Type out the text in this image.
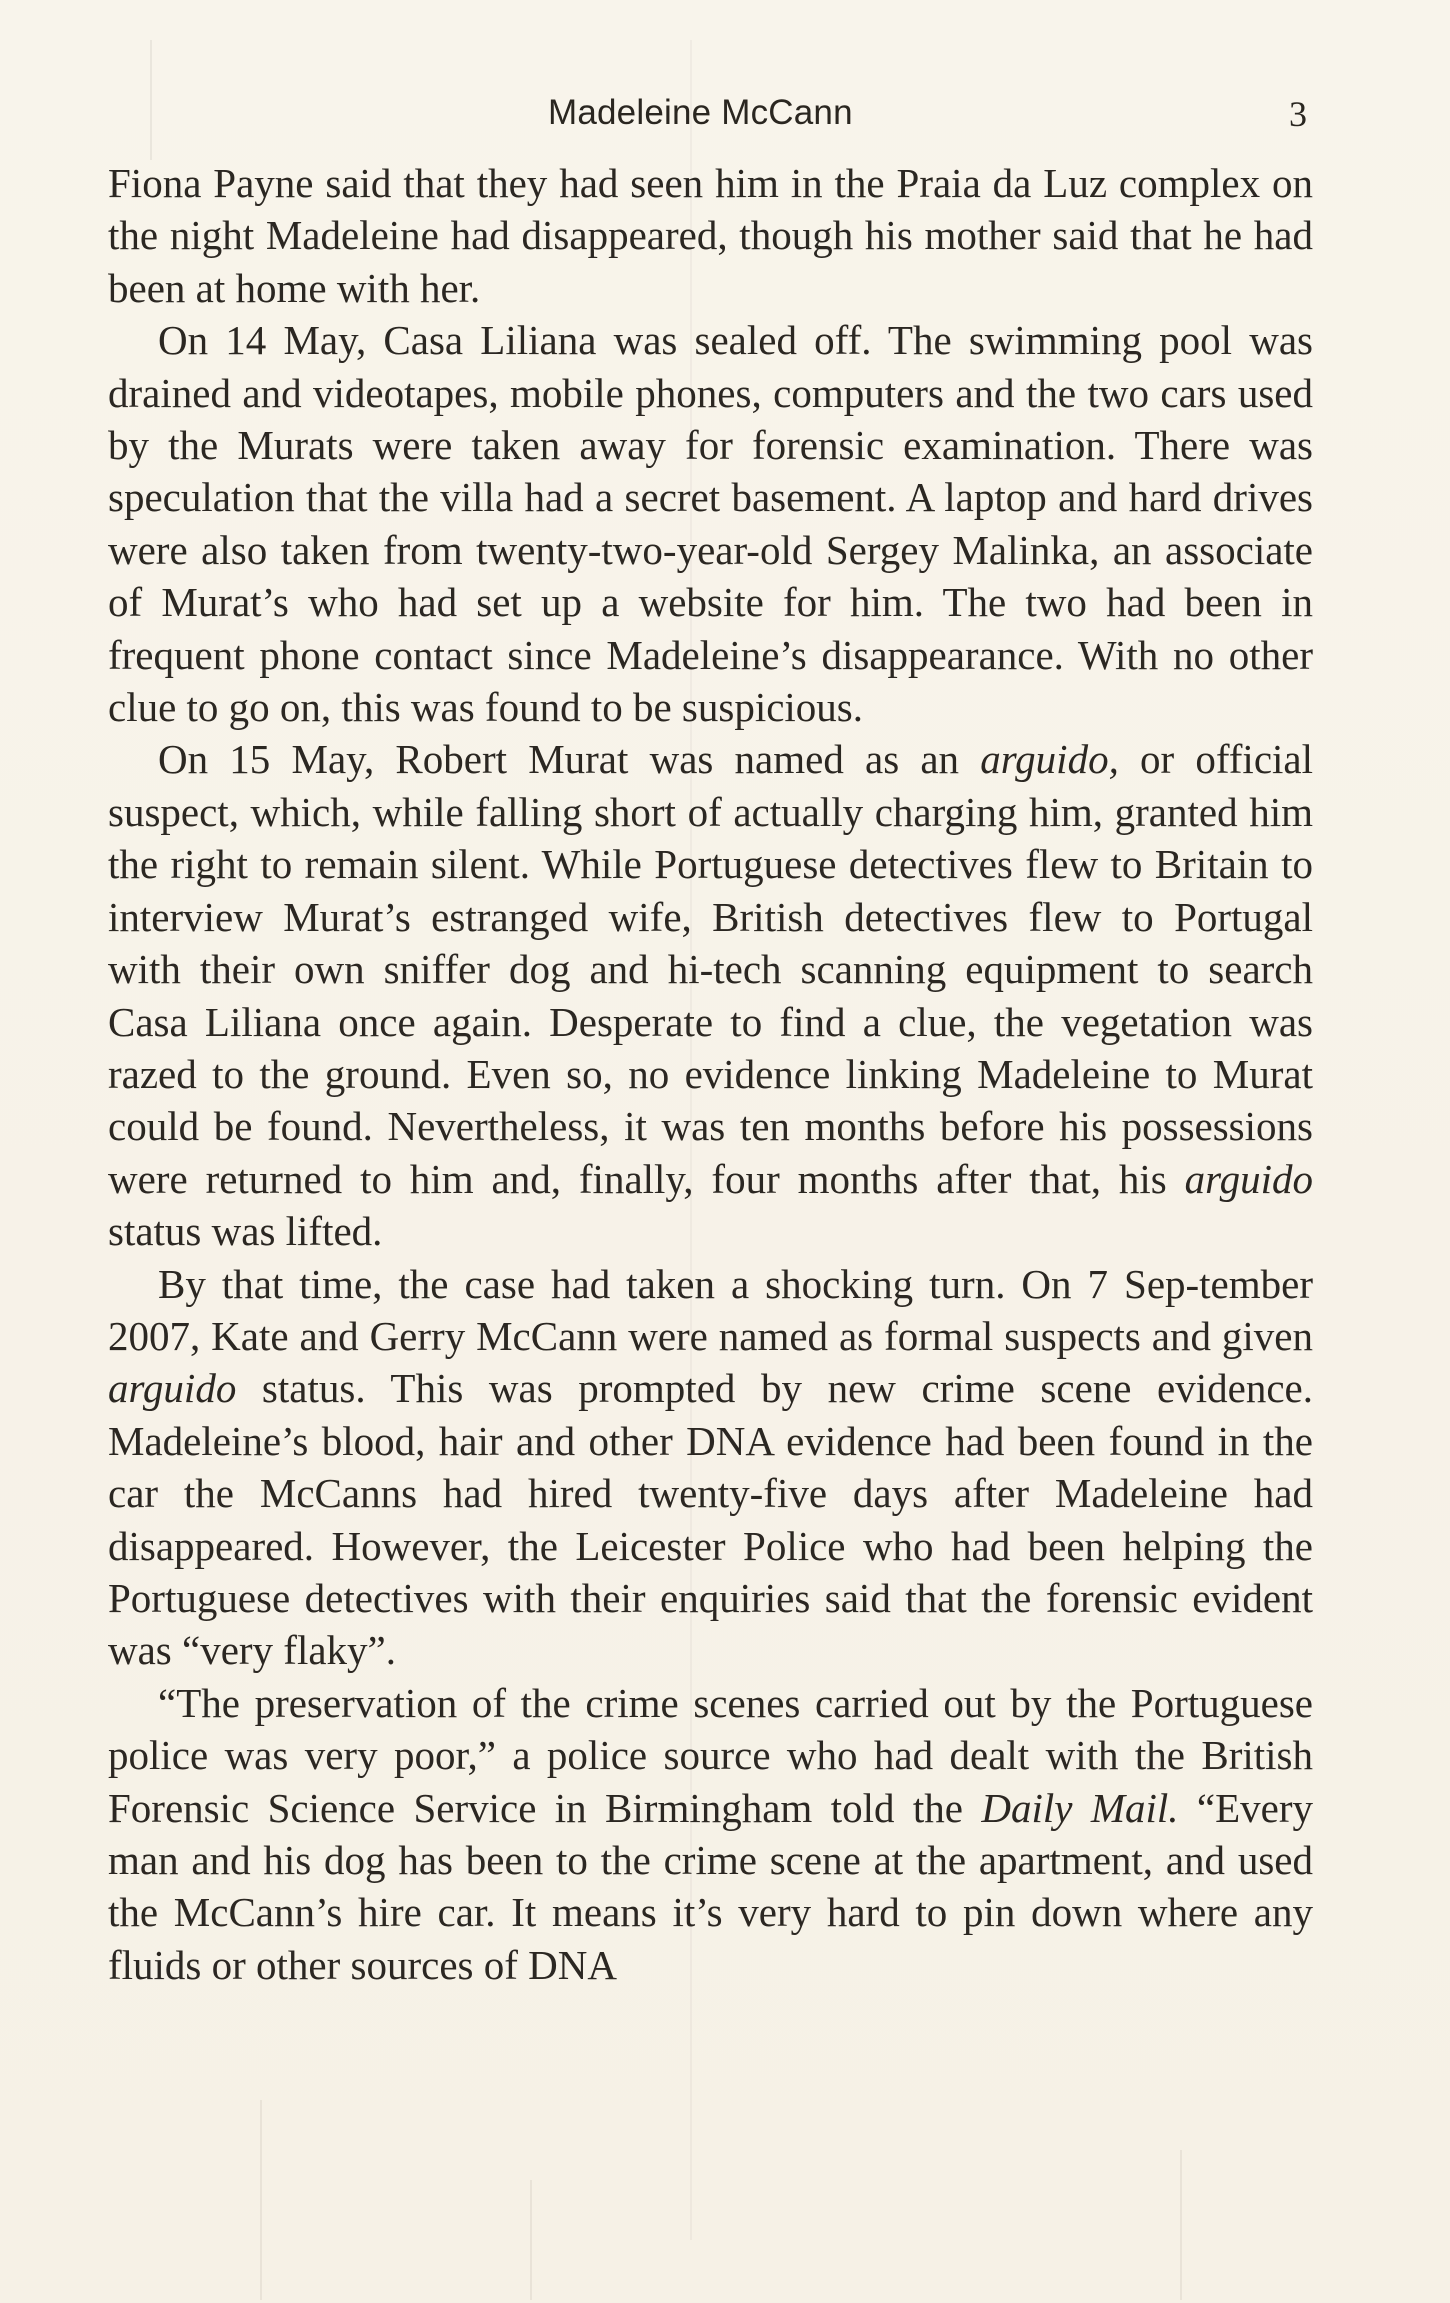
Madeleine McCann	3

Fiona Payne said that they had seen him in the Praia da Luz complex on the night Madeleine had disappeared, though his mother said that he had been at home with her.

On 14 May, Casa Liliana was sealed off. The swimming pool was drained and videotapes, mobile phones, computers and the two cars used by the Murats were taken away for forensic examination. There was speculation that the villa had a secret basement. A laptop and hard drives were also taken from twenty-two-year-old Sergey Malinka, an associate of Murat’s who had set up a website for him. The two had been in frequent phone contact since Madeleine’s disappearance. With no other clue to go on, this was found to be suspicious.

On 15 May, Robert Murat was named as an arguido, or official suspect, which, while falling short of actually charging him, granted him the right to remain silent. While Portuguese detectives flew to Britain to interview Murat’s estranged wife, British detectives flew to Portugal with their own sniffer dog and hi-tech scanning equipment to search Casa Liliana once again. Desperate to find a clue, the vegetation was razed to the ground. Even so, no evidence linking Madeleine to Murat could be found. Nevertheless, it was ten months before his possessions were returned to him and, finally, four months after that, his arguido status was lifted.

By that time, the case had taken a shocking turn. On 7 Sep-tember 2007, Kate and Gerry McCann were named as formal suspects and given arguido status. This was prompted by new crime scene evidence. Madeleine’s blood, hair and other DNA evidence had been found in the car the McCanns had hired twenty-five days after Madeleine had disappeared. However, the Leicester Police who had been helping the Portuguese detectives with their enquiries said that the forensic evident was “very flaky”.

“The preservation of the crime scenes carried out by the Portuguese police was very poor,” a police source who had dealt with the British Forensic Science Service in Birmingham told the Daily Mail. “Every man and his dog has been to the crime scene at the apartment, and used the McCann’s hire car. It means it’s very hard to pin down where any fluids or other sources of DNA
